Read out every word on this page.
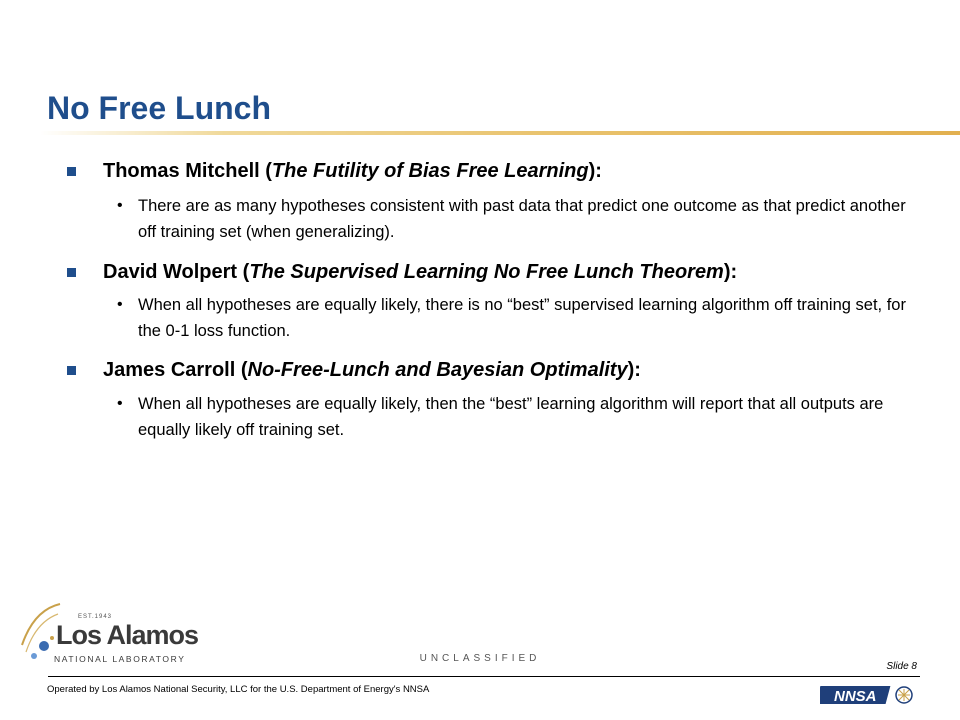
No Free Lunch
Thomas Mitchell (The Futility of Bias Free Learning):
• There are as many hypotheses consistent with past data that predict one outcome as that predict another off training set (when generalizing).
David Wolpert (The Supervised Learning No Free Lunch Theorem):
• When all hypotheses are equally likely, there is no “best” supervised learning algorithm off training set, for the 0-1 loss function.
James Carroll (No-Free-Lunch and Bayesian Optimality):
• When all hypotheses are equally likely, then the “best” learning algorithm will report that all outputs are equally likely off training set.
EST.1943
Los Alamos
NATIONAL LABORATORY	UNCLASSIFIED
Slide 8
Operated by Los Alamos National Security, LLC for the U.S. Department of Energy's NNSA	NNSA
